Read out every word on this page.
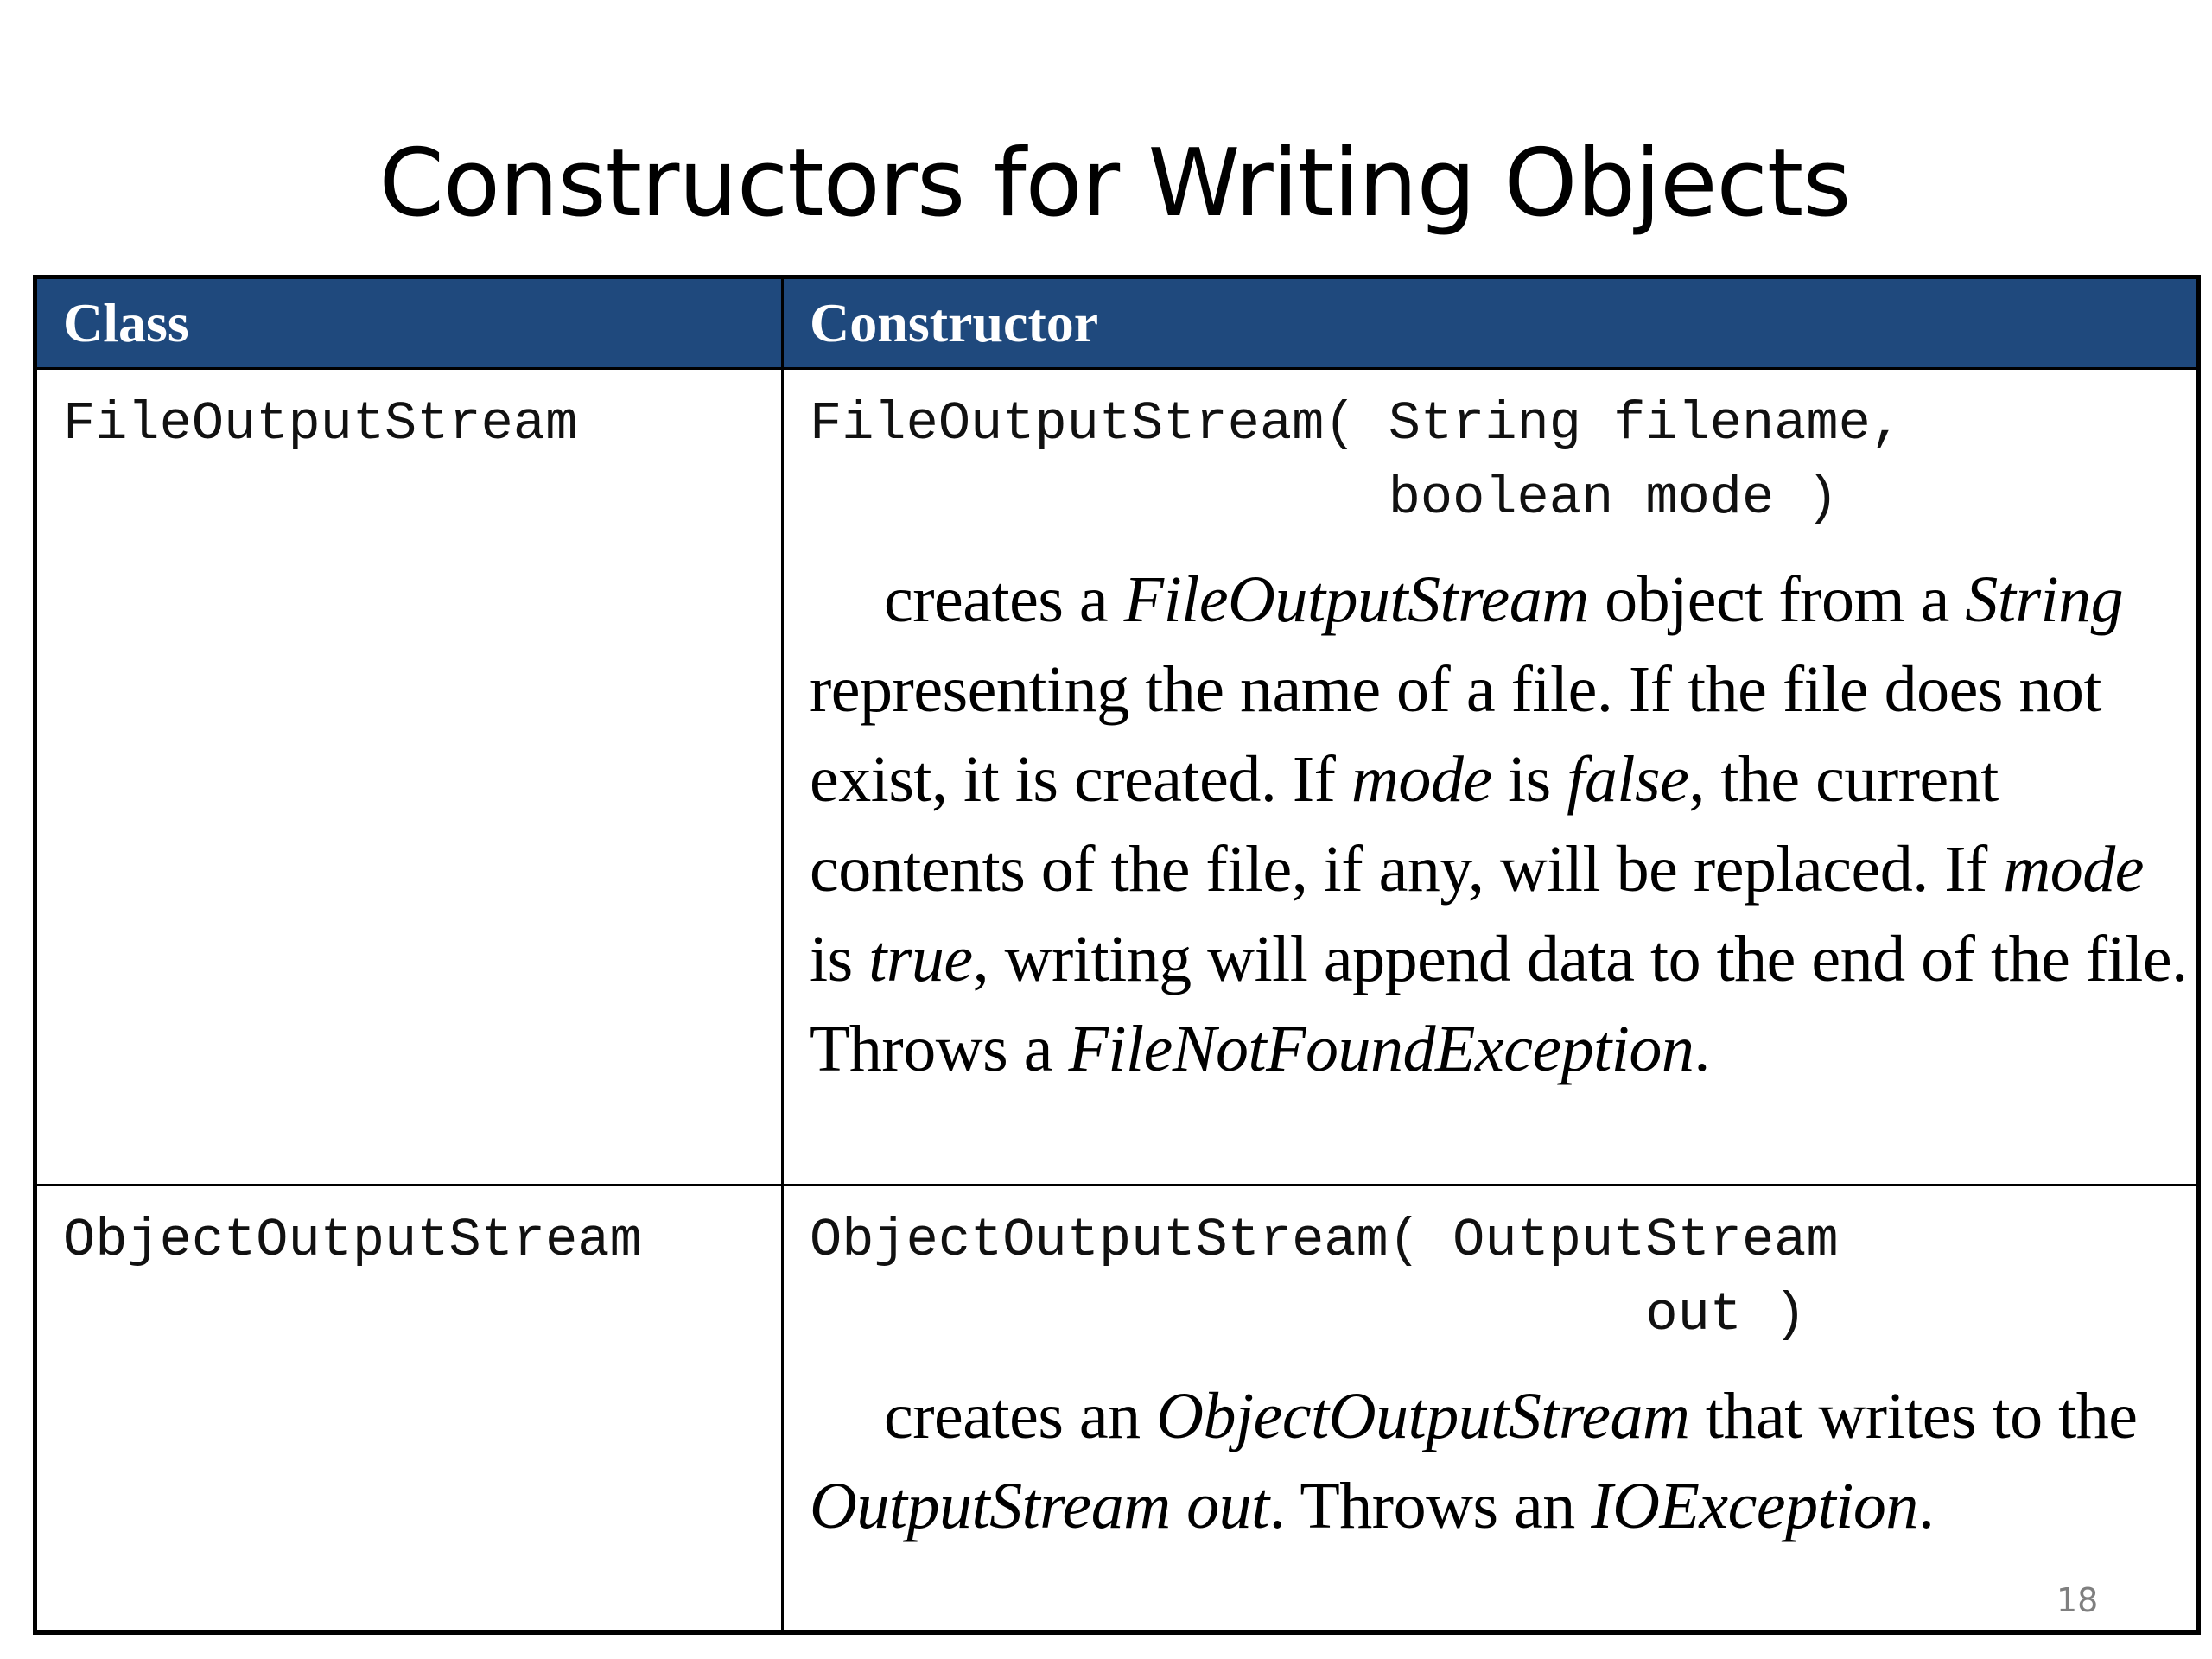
Constructors for Writing Objects
Class	Constructor
FileOutputStream	FileOutputStream( String filename,
boolean mode )
creates a FileOutputStream object from a String representing the name of a file. If the file does not exist, it is created. If mode is false, the current contents of the file, if any, will be replaced. If mode is true, writing will append data to the end of the file. Throws a FileNotFoundException.

ObjectOutputStream	ObjectOutputStream( OutputStream
out )
creates an ObjectOutputStream that writes to the OutputStream out. Throws an IOException.
18
